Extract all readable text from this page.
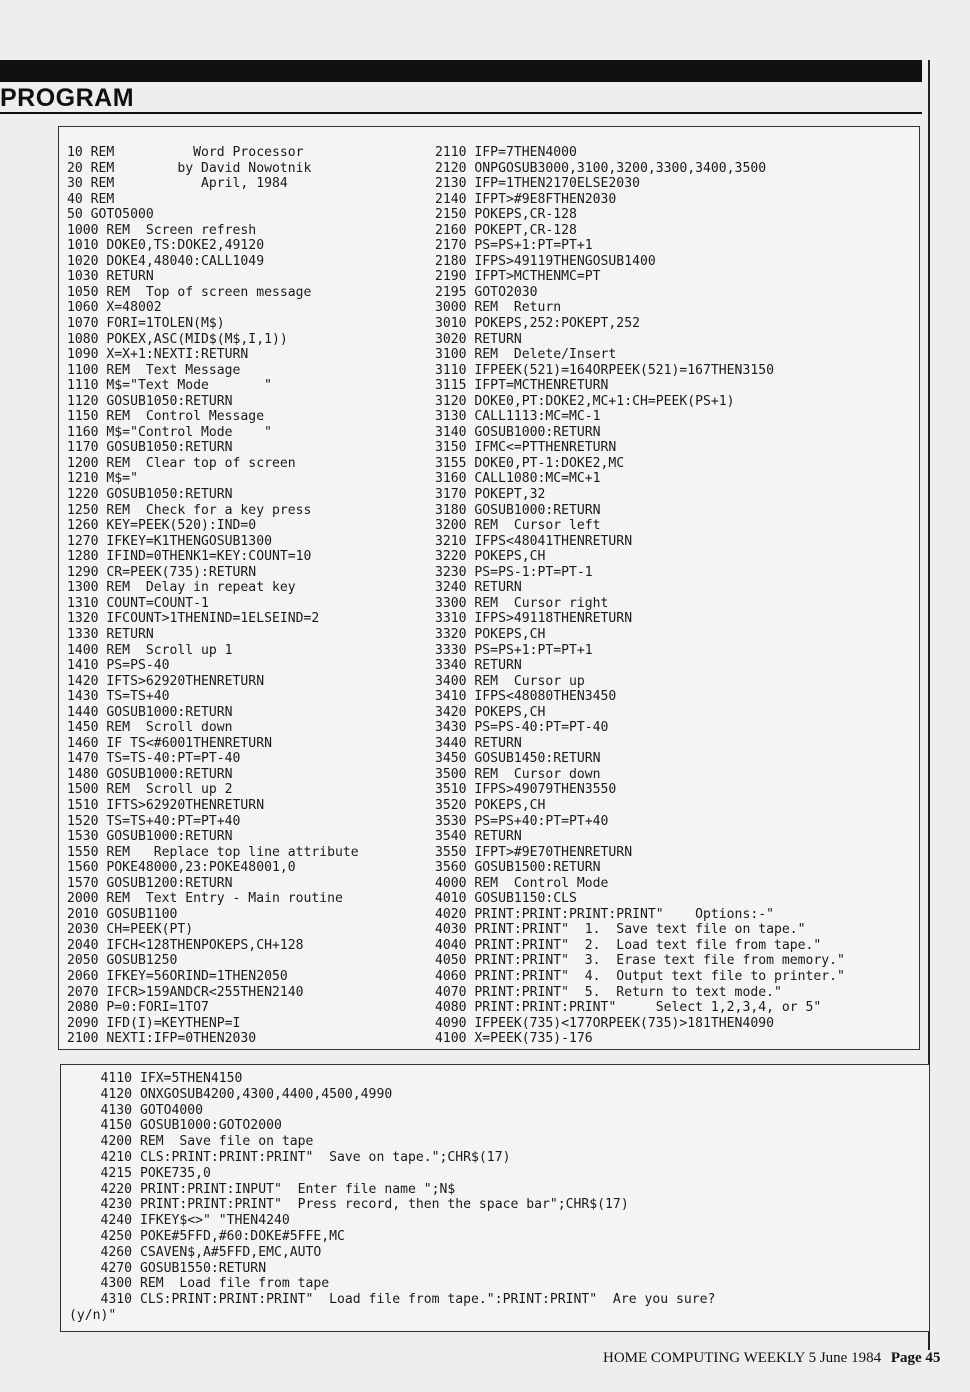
PROGRAM
10 REM          Word Processor
20 REM        by David Nowotnik
30 REM           April, 1984
40 REM
50 GOTO5000
1000 REM  Screen refresh
1010 DOKE0,TS:DOKE2,49120
1020 DOKE4,48040:CALL1049
1030 RETURN
1050 REM  Top of screen message
1060 X=48002
1070 FORI=1TOLEN(M$)
1080 POKEX,ASC(MID$(M$,I,1))
1090 X=X+1:NEXTI:RETURN
1100 REM  Text Message
1110 M$="Text Mode       "
1120 GOSUB1050:RETURN
1150 REM  Control Message
1160 M$="Control Mode    "
1170 GOSUB1050:RETURN
1200 REM  Clear top of screen
1210 M$="
1220 GOSUB1050:RETURN
1250 REM  Check for a key press
1260 KEY=PEEK(520):IND=0
1270 IFKEY=K1THENGOSUB1300
1280 IFIND=0THENK1=KEY:COUNT=10
1290 CR=PEEK(735):RETURN
1300 REM  Delay in repeat key
1310 COUNT=COUNT-1
1320 IFCOUNT>1THENIND=1ELSEIND=2
1330 RETURN
1400 REM  Scroll up 1
1410 PS=PS-40
1420 IFTS>62920THENRETURN
1430 TS=TS+40
1440 GOSUB1000:RETURN
1450 REM  Scroll down
1460 IF TS<#6001THENRETURN
1470 TS=TS-40:PT=PT-40
1480 GOSUB1000:RETURN
1500 REM  Scroll up 2
1510 IFTS>62920THENRETURN
1520 TS=TS+40:PT=PT+40
1530 GOSUB1000:RETURN
1550 REM   Replace top line attribute
1560 POKE48000,23:POKE48001,0
1570 GOSUB1200:RETURN
2000 REM  Text Entry - Main routine
2010 GOSUB1100
2030 CH=PEEK(PT)
2040 IFCH<128THENPOKEPS,CH+128
2050 GOSUB1250
2060 IFKEY=56ORIND=1THEN2050
2070 IFCR>159ANDCR<255THEN2140
2080 P=0:FORI=1TO7
2090 IFD(I)=KEYTHENP=I
2100 NEXTI:IFP=0THEN2030
2110 IFP=7THEN4000
2120 ONPGOSUB3000,3100,3200,3300,3400,3500
2130 IFP=1THEN2170ELSE2030
2140 IFPT>#9E8FTHEN2030
2150 POKEPS,CR-128
2160 POKEPT,CR-128
2170 PS=PS+1:PT=PT+1
2180 IFPS>49119THENGOSUB1400
2190 IFPT>MCTHENMC=PT
2195 GOTO2030
3000 REM  Return
3010 POKEPS,252:POKEPT,252
3020 RETURN
3100 REM  Delete/Insert
3110 IFPEEK(521)=164ORPEEK(521)=167THEN3150
3115 IFPT=MCTHENRETURN
3120 DOKE0,PT:DOKE2,MC+1:CH=PEEK(PS+1)
3130 CALL1113:MC=MC-1
3140 GOSUB1000:RETURN
3150 IFMC<=PTTHENRETURN
3155 DOKE0,PT-1:DOKE2,MC
3160 CALL1080:MC=MC+1
3170 POKEPT,32
3180 GOSUB1000:RETURN
3200 REM  Cursor left
3210 IFPS<48041THENRETURN
3220 POKEPS,CH
3230 PS=PS-1:PT=PT-1
3240 RETURN
3300 REM  Cursor right
3310 IFPS>49118THENRETURN
3320 POKEPS,CH
3330 PS=PS+1:PT=PT+1
3340 RETURN
3400 REM  Cursor up
3410 IFPS<48080THEN3450
3420 POKEPS,CH
3430 PS=PS-40:PT=PT-40
3440 RETURN
3450 GOSUB1450:RETURN
3500 REM  Cursor down
3510 IFPS>49079THEN3550
3520 POKEPS,CH
3530 PS=PS+40:PT=PT+40
3540 RETURN
3550 IFPT>#9E70THENRETURN
3560 GOSUB1500:RETURN
4000 REM  Control Mode
4010 GOSUB1150:CLS
4020 PRINT:PRINT:PRINT:PRINT"    Options:-"
4030 PRINT:PRINT"  1.  Save text file on tape."
4040 PRINT:PRINT"  2.  Load text file from tape."
4050 PRINT:PRINT"  3.  Erase text file from memory."
4060 PRINT:PRINT"  4.  Output text file to printer."
4070 PRINT:PRINT"  5.  Return to text mode."
4080 PRINT:PRINT:PRINT"     Select 1,2,3,4, or 5"
4090 IFPEEK(735)<177ORPEEK(735)>181THEN4090
4100 X=PEEK(735)-176
4110 IFX=5THEN4150
4120 ONXGOSUB4200,4300,4400,4500,4990
4130 GOTO4000
4150 GOSUB1000:GOTO2000
4200 REM  Save file on tape
4210 CLS:PRINT:PRINT:PRINT"  Save on tape.";CHR$(17)
4215 POKE735,0
4220 PRINT:PRINT:INPUT"  Enter file name ";N$
4230 PRINT:PRINT:PRINT"  Press record, then the space bar";CHR$(17)
4240 IFKEY$<>" "THEN4240
4250 POKE#5FFD,#60:DOKE#5FFE,MC
4260 CSAVEN$,A#5FFD,EMC,AUTO
4270 GOSUB1550:RETURN
4300 REM  Load file from tape
4310 CLS:PRINT:PRINT:PRINT"  Load file from tape.":PRINT:PRINT"  Are you sure?
(y/n)"
HOME COMPUTING WEEKLY 5 June 1984 Page 45
